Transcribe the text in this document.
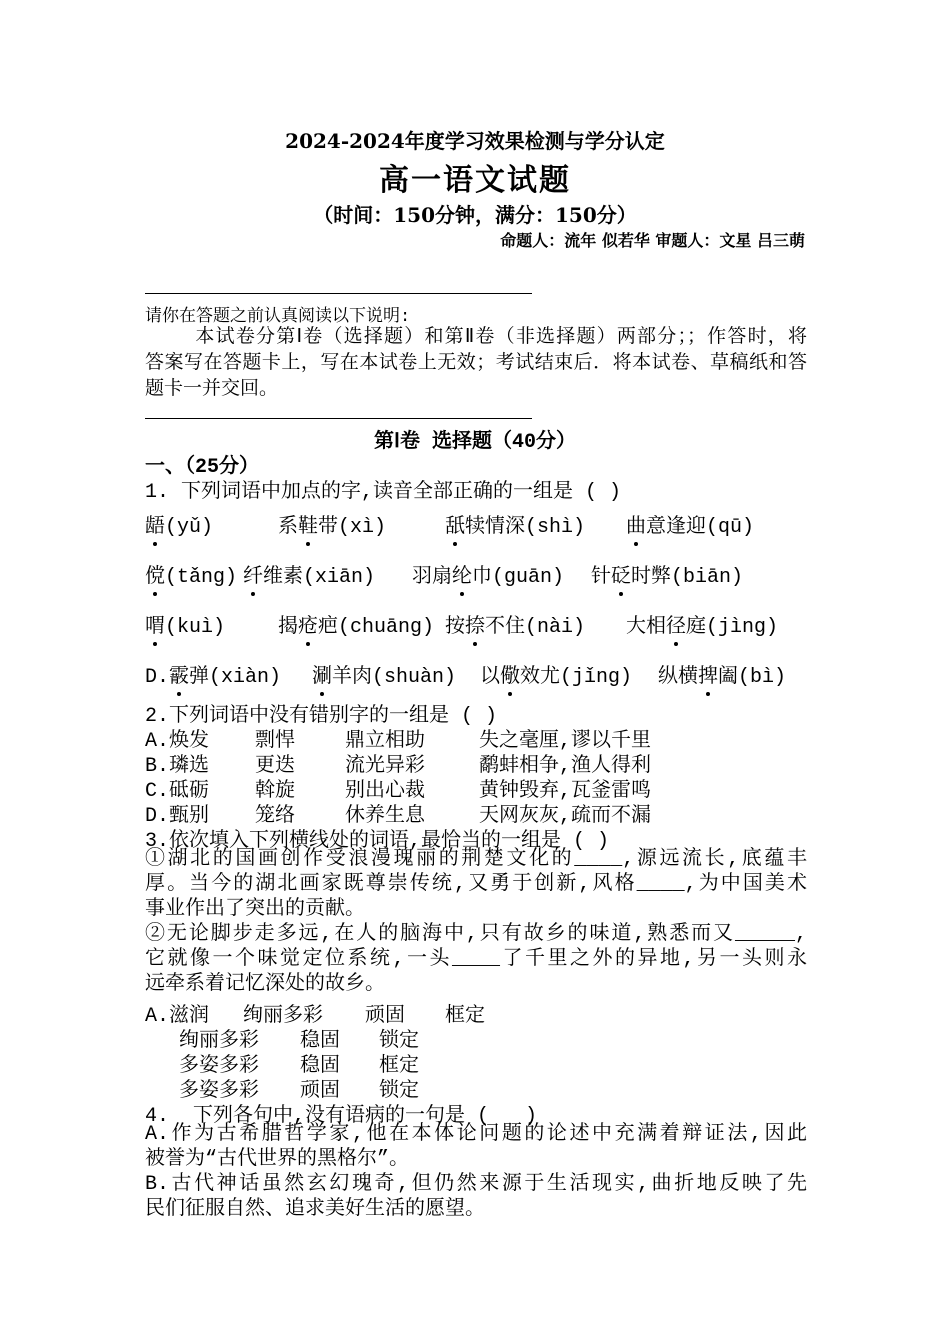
2024-2024年度学习效果检测与学分认定
高一语文试题
（时间：150分钟，满分：150分）
命题人：流年 似若华 审题人：文星 吕三萌
请你在答题之前认真阅读以下说明:
本试卷分第Ⅰ卷（选择题）和第Ⅱ卷（非选择题）两部分；；作答时，将
答案写在答题卡上，写在本试卷上无效；考试结束后．将本试卷、草稿纸和答
题卡一并交回。
第Ⅰ卷 选择题（40分）
一、（25分）
1. 下列词语中加点的字,读音全部正确的一组是 ( )
龉(yǔ)	系鞋带(xì)	舐犊情深(shì) 曲意逢迎(qū)
傥(tǎng) 纤维素(xiān) 羽扇纶巾(guān) 针砭时弊(biān)
喟(kuì)	揭疮疤(chuāng) 按捺不住(nài) 大相径庭(jìng)
D.霰弹(xiàn) 涮羊肉(shuàn) 以儆效尤(jǐng) 纵横捭阖(bì)
2.下列词语中没有错别字的一组是 ( )
A.焕发 剽悍	鼎立相助	失之毫厘,谬以千里
B.璘选 更迭	流光异彩	鹬蚌相争,渔人得利
C.砥砺 斡旋	别出心裁	黄钟毁弃,瓦釜雷鸣
D.甄别 笼络	休养生息	天网灰灰,疏而不漏
3.依次填入下列横线处的词语,最恰当的一组是 ( )
①湖北的国画创作受浪漫瑰丽的荆楚文化的____,源远流长,底蕴丰
厚。当今的湖北画家既尊崇传统,又勇于创新,风格____,为中国美术
事业作出了突出的贡献。
②无论脚步走多远,在人的脑海中,只有故乡的味道,熟悉而又_____,
它就像一个味觉定位系统,一头____了千里之外的异地,另一头则永
远牵系着记忆深处的故乡。
A.滋润 绚丽多彩 顽固 框定
绚丽多彩 稳固 锁定
多姿多彩 稳固 框定
多姿多彩 顽固 锁定
4.  下列各句中,没有语病的一句是 (   )
A.作为古希腊哲学家,他在本体论问题的论述中充满着辩证法,因此
被誉为“古代世界的黑格尔”。
B.古代神话虽然玄幻瑰奇,但仍然来源于生活现实,曲折地反映了先
民们征服自然、追求美好生活的愿望。
